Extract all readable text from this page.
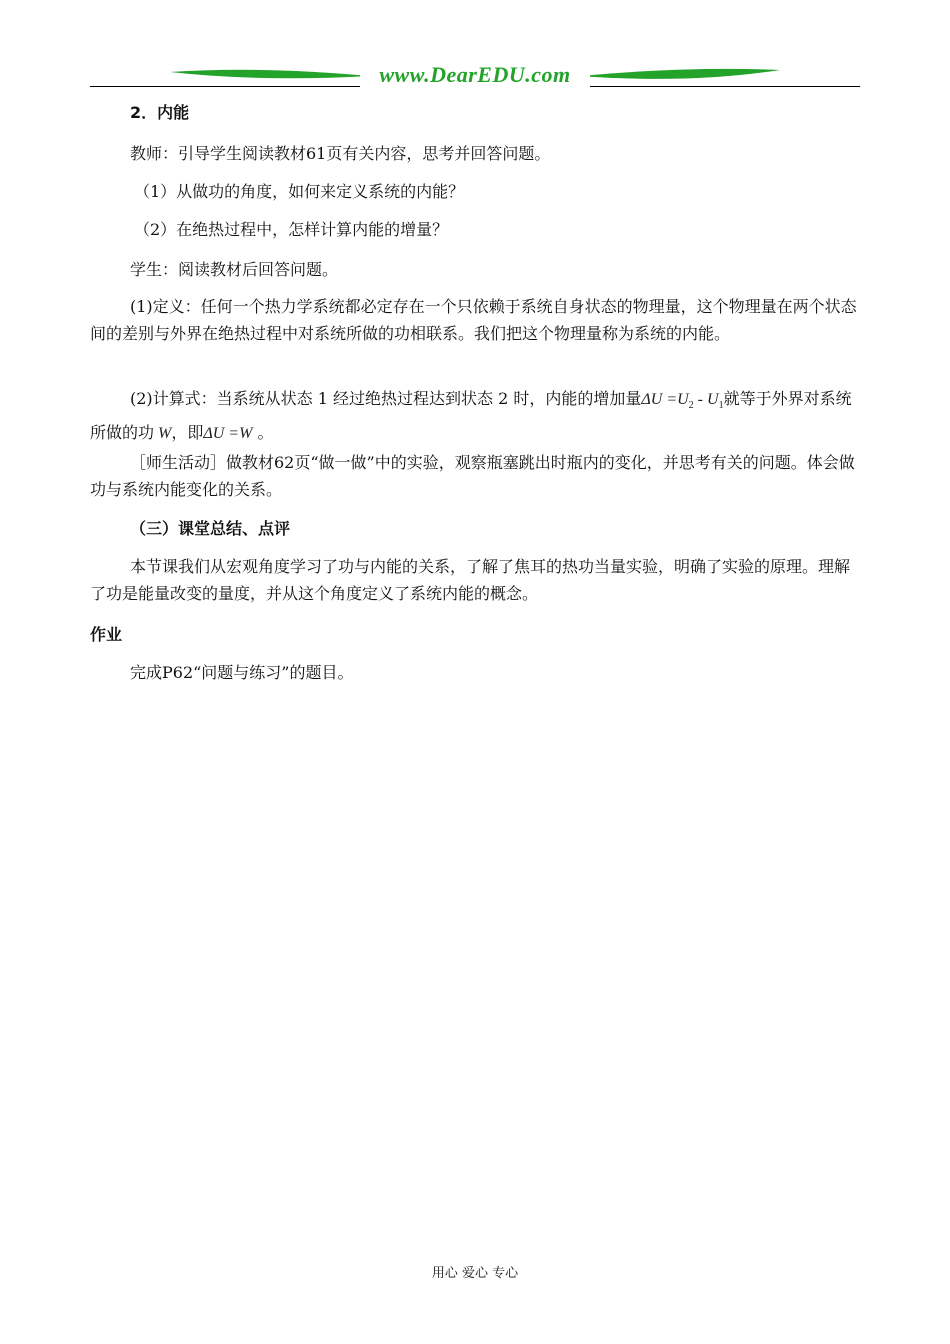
www.DearEDU.com
2．内能
教师：引导学生阅读教材61页有关内容，思考并回答问题。
（1）从做功的角度，如何来定义系统的内能？
（2）在绝热过程中，怎样计算内能的增量？
学生：阅读教材后回答问题。
(1)定义：任何一个热力学系统都必定存在一个只依赖于系统自身状态的物理量，这个物理量在两个状态间的差别与外界在绝热过程中对系统所做的功相联系。我们把这个物理量称为系统的内能。
(2)计算式：当系统从状态 1 经过绝热过程达到状态 2 时，内能的增加量$\Delta U =U_2 - U_1$就等于外界对系统所做的功 W，即ΔU =W 。
［师生活动］做教材62页“做一做”中的实验，观察瓶塞跳出时瓶内的变化，并思考有关的问题。体会做功与系统内能变化的关系。
（三）课堂总结、点评
本节课我们从宏观角度学习了功与内能的关系，了解了焦耳的热功当量实验，明确了实验的原理。理解了功是能量改变的量度，并从这个角度定义了系统内能的概念。
作业
完成P62“问题与练习”的题目。
用心 爱心 专心
